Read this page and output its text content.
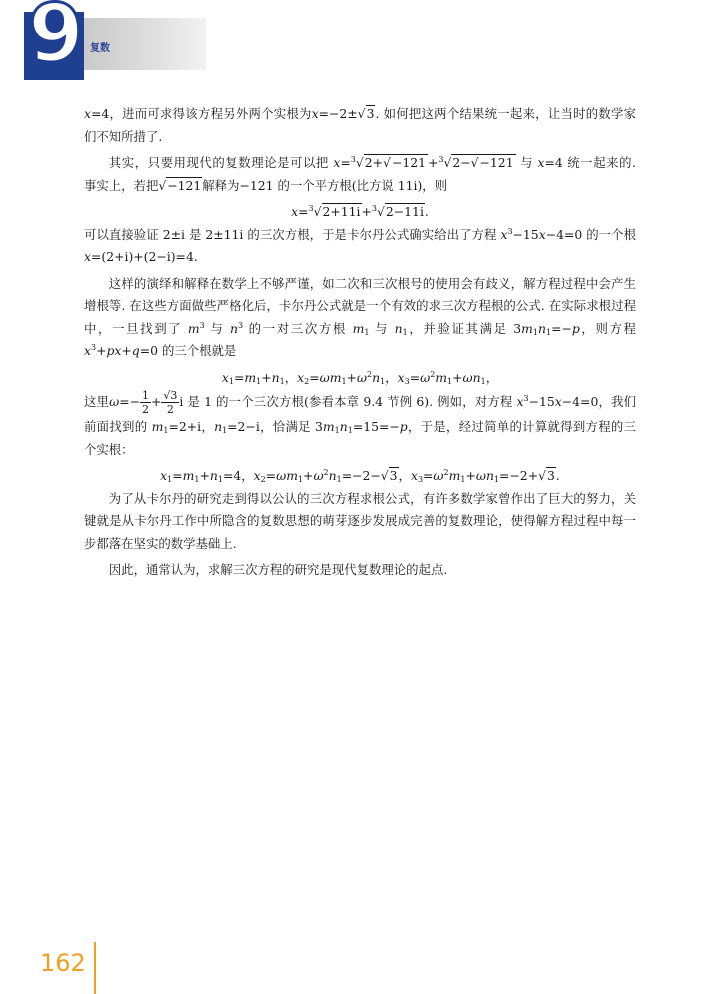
9 复数

x=4，进而可求得该方程另外两个实根为x=−2±√3. 如何把这两个结果统一起来，让当时的数学家们不知所措了.

其实，只要用现代的复数理论是可以把 x=$^3$√2+√−121 +$^3$√2−√−121 与 x=4 统一起来的. 事实上，若把√−121解释为−121 的一个平方根(比方说 11i)，则

x=$^3$√2+11i+$^3$√2−11i.

可以直接验证 2±i 是 2±11i 的三次方根，于是卡尔丹公式确实给出了方程 $x^3-15x-4=0$ 的一个根 x=(2+i)+(2−i)=4.

这样的演绎和解释在数学上不够严谨，如二次和三次根号的使用会有歧义，解方程过程中会产生增根等. 在这些方面做些严格化后，卡尔丹公式就是一个有效的求三次方程根的公式. 在实际求根过程中，一旦找到了 $m^3$ 与 $n^3$ 的一对三次方根 $m_1$ 与 $n_1$，并验证其满足 $3m_1n_1=-p$，则方程 $x^3+px+q=0$ 的三个根就是

$x_1=m_1+n_1$，$x_2=\omega m_1+\omega^2n_1$，$x_3=\omega^2m_1+\omega n_1$，

这里$\omega=- \frac{1}{2} + \frac{√3}{2}$ i 是 1 的一个三次方根(参看本章 9.4 节例 6). 例如，对方程 $x^3-15x-4=0$，我们前面找到的 $m_1=2+i$，$n_1=2-i$，恰满足 $3m_1n_1=15=-p$，于是，经过简单的计算就得到方程的三个实根：

$x_1=m_1+n_1=4$，$x_2=\omega m_1+\omega^2n_1=-2-√3$，$x_3=\omega^2m_1+\omega n_1=-2+√3$.

为了从卡尔丹的研究走到得以公认的三次方程求根公式，有许多数学家曾作出了巨大的努力，关键就是从卡尔丹工作中所隐含的复数思想的萌芽逐步发展成完善的复数理论，使得解方程过程中每一步都落在坚实的数学基础上.

因此，通常认为，求解三次方程的研究是现代复数理论的起点.

162
